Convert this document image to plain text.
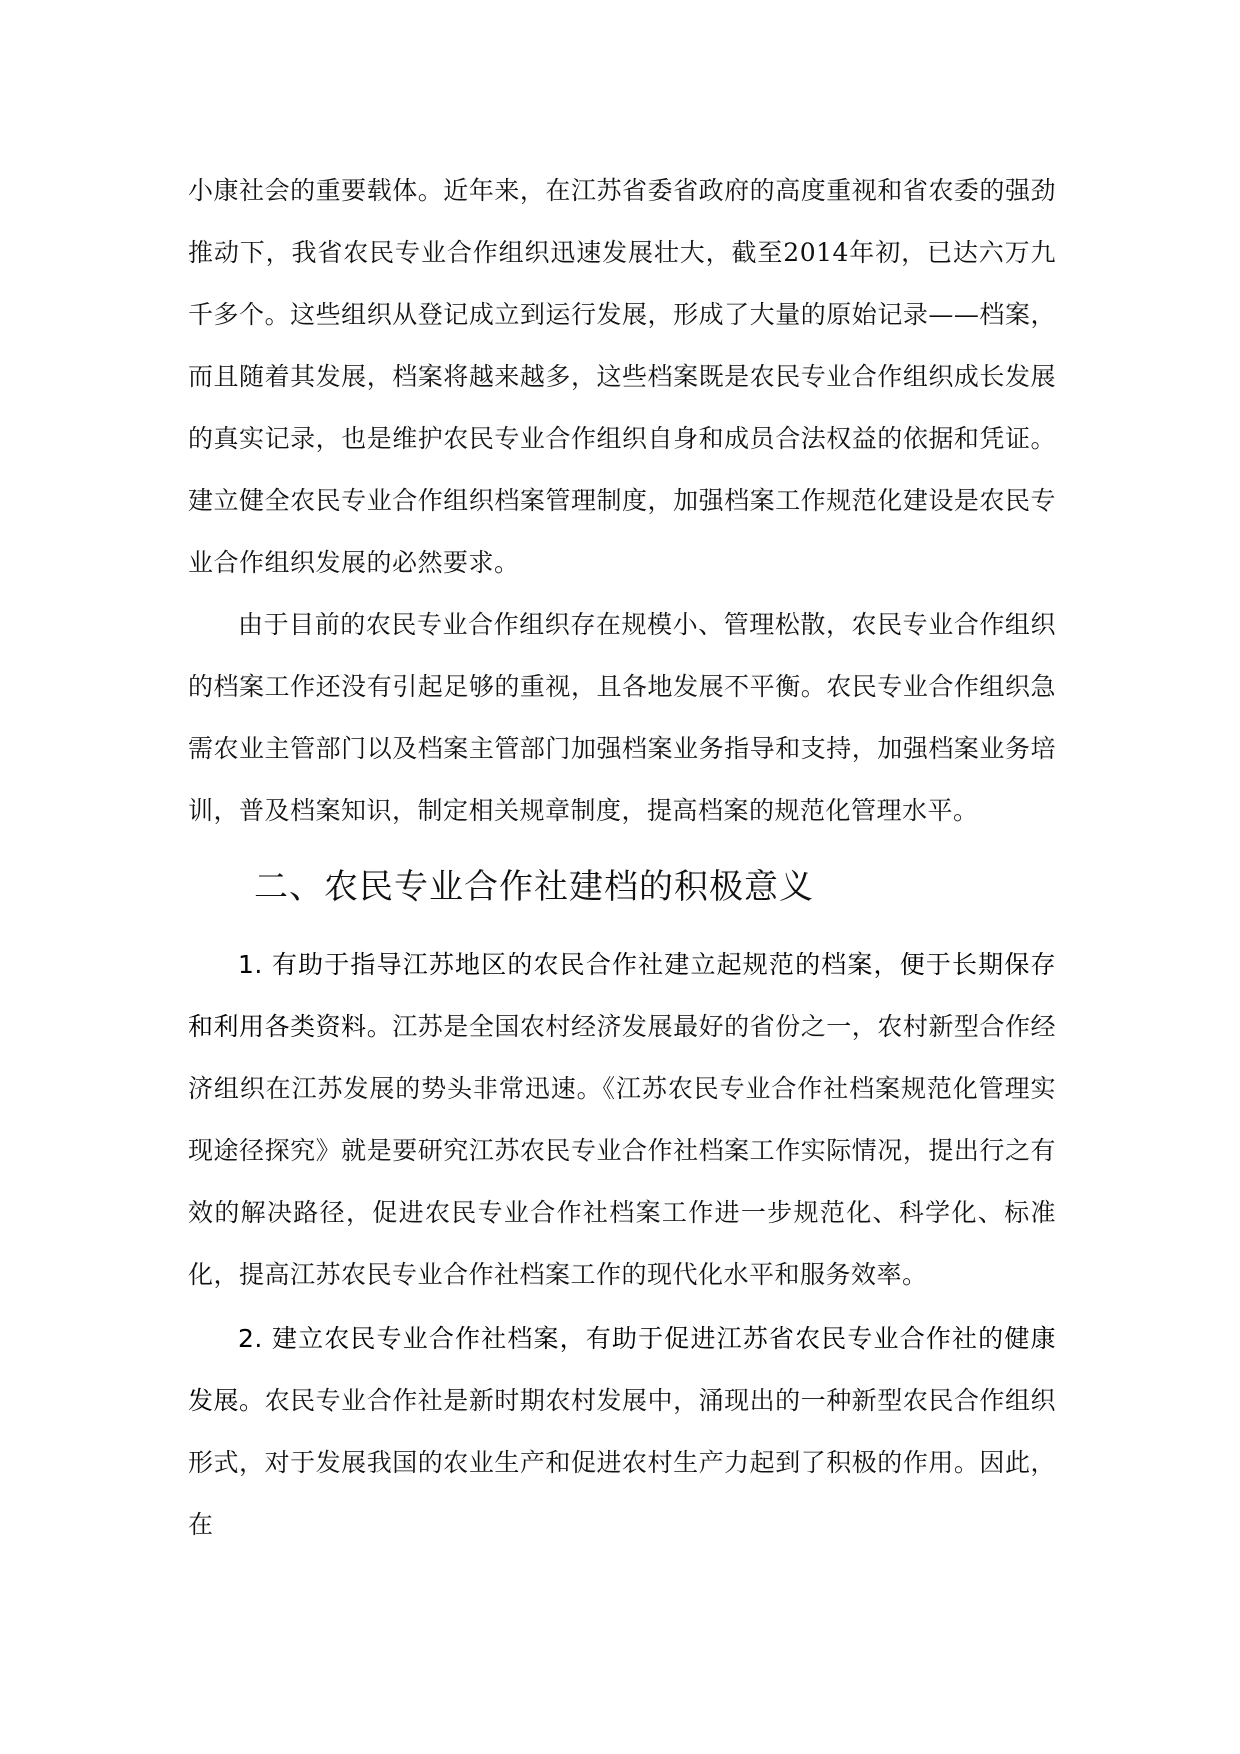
小康社会的重要载体。近年来，在江苏省委省政府的高度重视和省农委的强劲推动下，我省农民专业合作组织迅速发展壮大，截至2014年初，已达六万九千多个。这些组织从登记成立到运行发展，形成了大量的原始记录——档案，而且随着其发展，档案将越来越多，这些档案既是农民专业合作组织成长发展的真实记录，也是维护农民专业合作组织自身和成员合法权益的依据和凭证。建立健全农民专业合作组织档案管理制度，加强档案工作规范化建设是农民专业合作组织发展的必然要求。

由于目前的农民专业合作组织存在规模小、管理松散，农民专业合作组织的档案工作还没有引起足够的重视，且各地发展不平衡。农民专业合作组织急需农业主管部门以及档案主管部门加强档案业务指导和支持，加强档案业务培训，普及档案知识，制定相关规章制度，提高档案的规范化管理水平。

二、农民专业合作社建档的积极意义

1. 有助于指导江苏地区的农民合作社建立起规范的档案，便于长期保存和利用各类资料。江苏是全国农村经济发展最好的省份之一，农村新型合作经济组织在江苏发展的势头非常迅速。《江苏农民专业合作社档案规范化管理实现途径探究》就是要研究江苏农民专业合作社档案工作实际情况，提出行之有效的解决路径，促进农民专业合作社档案工作进一步规范化、科学化、标准化，提高江苏农民专业合作社档案工作的现代化水平和服务效率。

2. 建立农民专业合作社档案，有助于促进江苏省农民专业合作社的健康发展。农民专业合作社是新时期农村发展中，涌现出的一种新型农民合作组织形式，对于发展我国的农业生产和促进农村生产力起到了积极的作用。因此，在
